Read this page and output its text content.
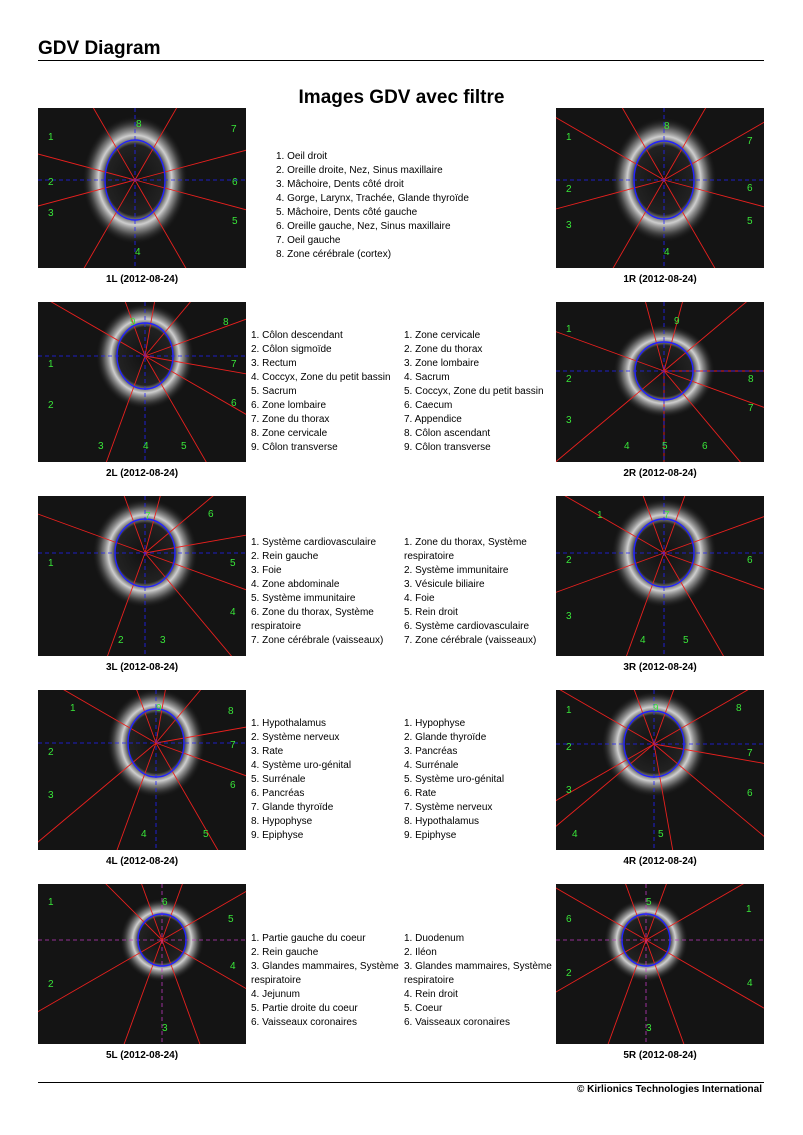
GDV Diagram
Images GDV avec filtre
8	7
1
2	6
3
5
4
1L (2012-08-24)
8
1	7
2	6
3	5
4
1R (2012-08-24)
1. Oeil droit
2. Oreille droite, Nez, Sinus maxillaire
3. Mâchoire, Dents côté droit
4. Gorge, Larynx, Trachée, Glande thyroïde
5. Mâchoire, Dents côté gauche
6. Oreille gauche, Nez, Sinus maxillaire
7. Oeil gauche
8. Zone cérébrale (cortex)
9	8
1	7
2	6
3	4	5
2L (2012-08-24)
1
9
2	8
7
3
4	5	6
2R (2012-08-24)
1. Côlon descendant
2. Côlon sigmoïde
3. Rectum
4. Coccyx, Zone du petit bassin
5. Sacrum
6. Zone lombaire
7. Zone du thorax
8. Zone cervicale
9. Côlon transverse
1. Zone cervicale
2. Zone du thorax
3. Zone lombaire
4. Sacrum
5. Coccyx, Zone du petit bassin
6. Caecum
7. Appendice
8. Côlon ascendant
9. Côlon transverse
7	6
1	5
4
2	3
3L (2012-08-24)
1	7
2	6
3
4	5
3R (2012-08-24)
1. Système cardiovasculaire
2. Rein gauche
3. Foie
4. Zone abdominale
5. Système immunitaire
6. Zone du thorax, Système respiratoire
7. Zone cérébrale (vaisseaux)
1. Zone du thorax, Système respiratoire
2. Système immunitaire
3. Vésicule biliaire
4. Foie
5. Rein droit
6. Système cardiovasculaire
7. Zone cérébrale (vaisseaux)
1	9	8
2
7
3
6
4	5
4L (2012-08-24)
1	9	8
2
7
3	6
4	5
4R (2012-08-24)
1. Hypothalamus
2. Système nerveux
3. Rate
4. Système uro-génital
5. Surrénale
6. Pancréas
7. Glande thyroïde
8. Hypophyse
9. Epiphyse
1. Hypophyse
2. Glande thyroïde
3. Pancréas
4. Surrénale
5. Système uro-génital
6. Rate
7. Système nerveux
8. Hypothalamus
9. Epiphyse
1	6
5
4
2
3
5L (2012-08-24)
6
5
1
2
4
3
5R (2012-08-24)
1. Partie gauche du coeur
2. Rein gauche
3. Glandes mammaires, Système respiratoire
4. Jejunum
5. Partie droite du coeur
6. Vaisseaux coronaires
1. Duodenum
2. Iléon
3. Glandes mammaires, Système respiratoire
4. Rein droit
5. Coeur
6. Vaisseaux coronaires
© Kirlionics Technologies International
